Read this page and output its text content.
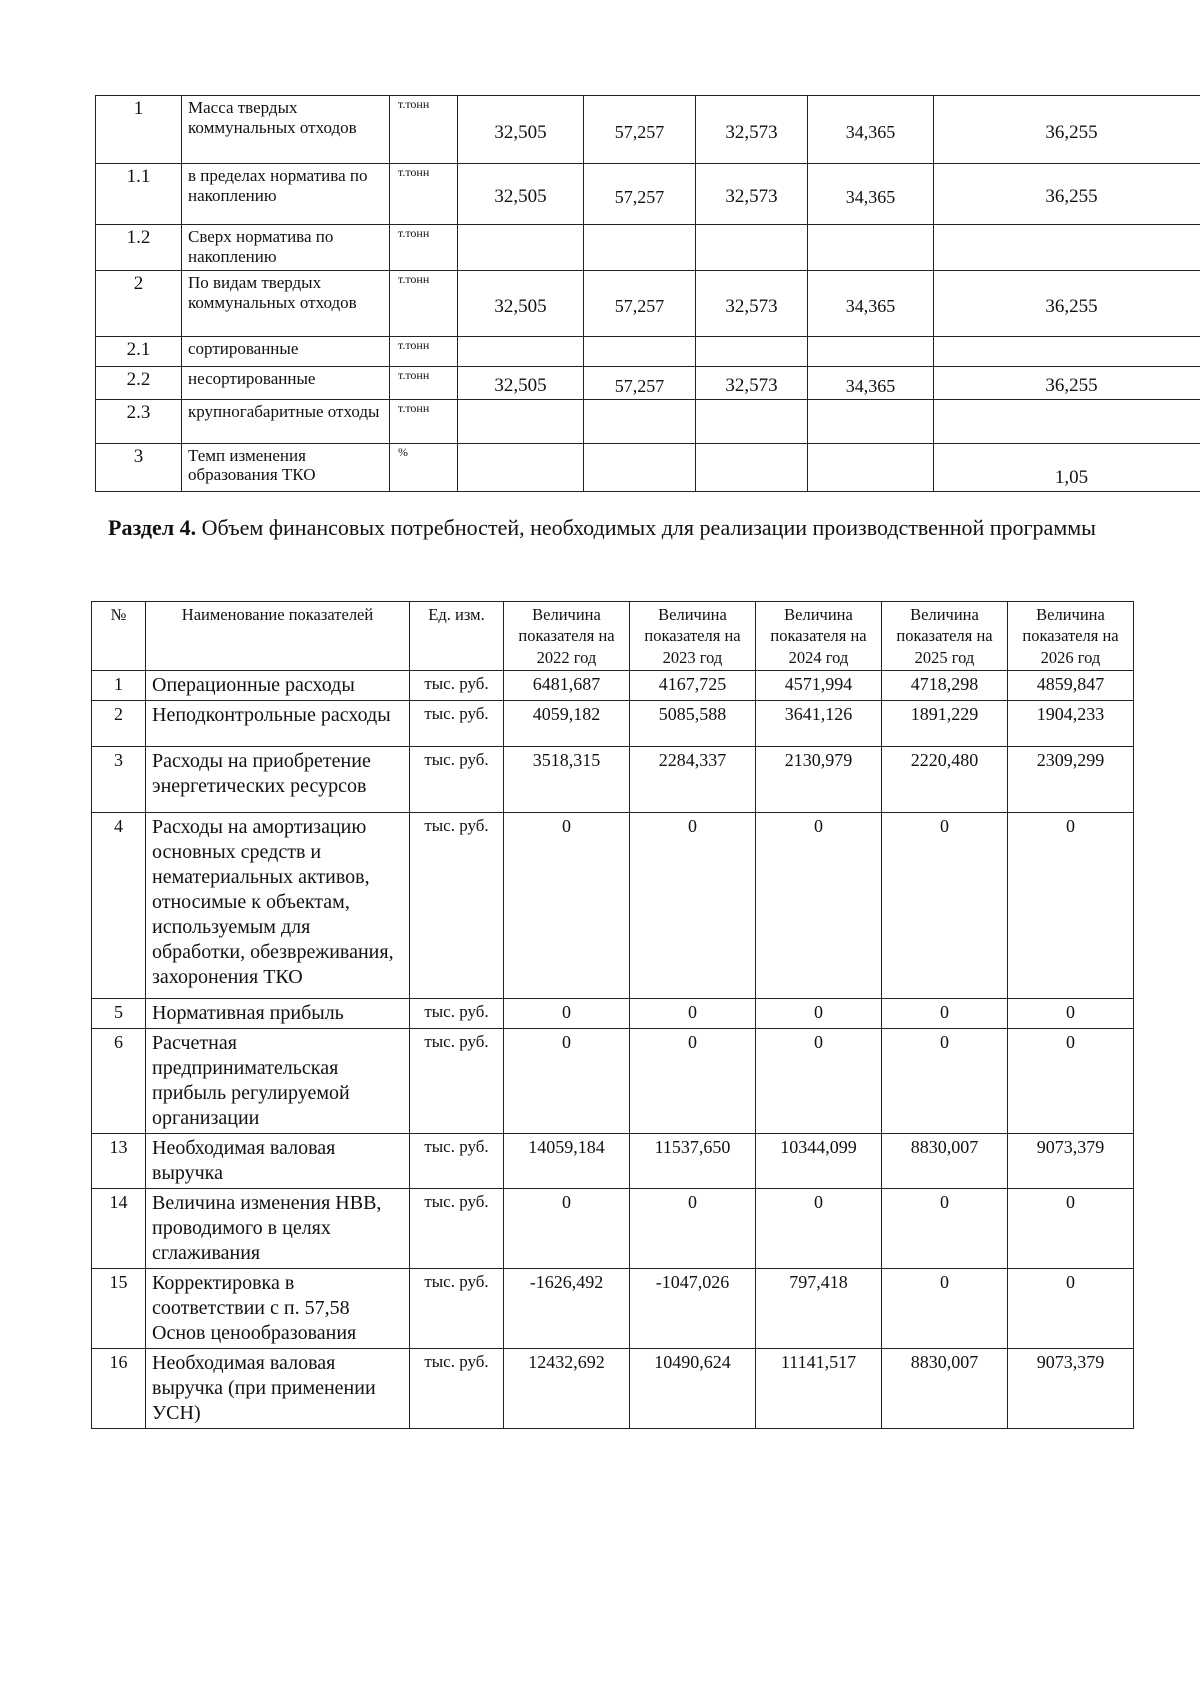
1	Масса твердых коммунальных отходов	т.тонн	32,505	57,257	32,573	34,365	36,255
1.1	в пределах норматива по накоплению	т.тонн	32,505	57,257	32,573	34,365	36,255
1.2	Сверх норматива по накоплению	т.тонн					
2	По видам твердых коммунальных отходов	т.тонн	32,505	57,257	32,573	34,365	36,255
2.1	сортированные	т.тонн					
2.2	несортированные	т.тонн	32,505	57,257	32,573	34,365	36,255
2.3	крупногабаритные отходы	т.тонн					
3	Темп изменения образования ТКО	%					1,05
Раздел 4. Объем финансовых потребностей, необходимых для реализации производственной программы
№	Наименование показателей	Ед. изм.	Величина показателя на 2022 год	Величина показателя на 2023 год	Величина показателя на 2024 год	Величина показателя на 2025 год	Величина показателя на 2026 год
1	Операционные расходы	тыс. руб.	6481,687	4167,725	4571,994	4718,298	4859,847
2	Неподконтрольные расходы	тыс. руб.	4059,182	5085,588	3641,126	1891,229	1904,233
3	Расходы на приобретение энергетических ресурсов	тыс. руб.	3518,315	2284,337	2130,979	2220,480	2309,299
4	Расходы на амортизацию основных средств и нематериальных активов, относимые к объектам, используемым для обработки, обезвреживания, захоронения ТКО	тыс. руб.	0	0	0	0	0
5	Нормативная прибыль	тыс. руб.	0	0	0	0	0
6	Расчетная предпринимательская прибыль регулируемой организации	тыс. руб.	0	0	0	0	0
13	Необходимая валовая выручка	тыс. руб.	14059,184	11537,650	10344,099	8830,007	9073,379
14	Величина изменения НВВ, проводимого в целях сглаживания	тыс. руб.	0	0	0	0	0
15	Корректировка в соответствии с п. 57,58 Основ ценообразования	тыс. руб.	-1626,492	-1047,026	797,418	0	0
16	Необходимая валовая выручка (при применении УСН)	тыс. руб.	12432,692	10490,624	11141,517	8830,007	9073,379
